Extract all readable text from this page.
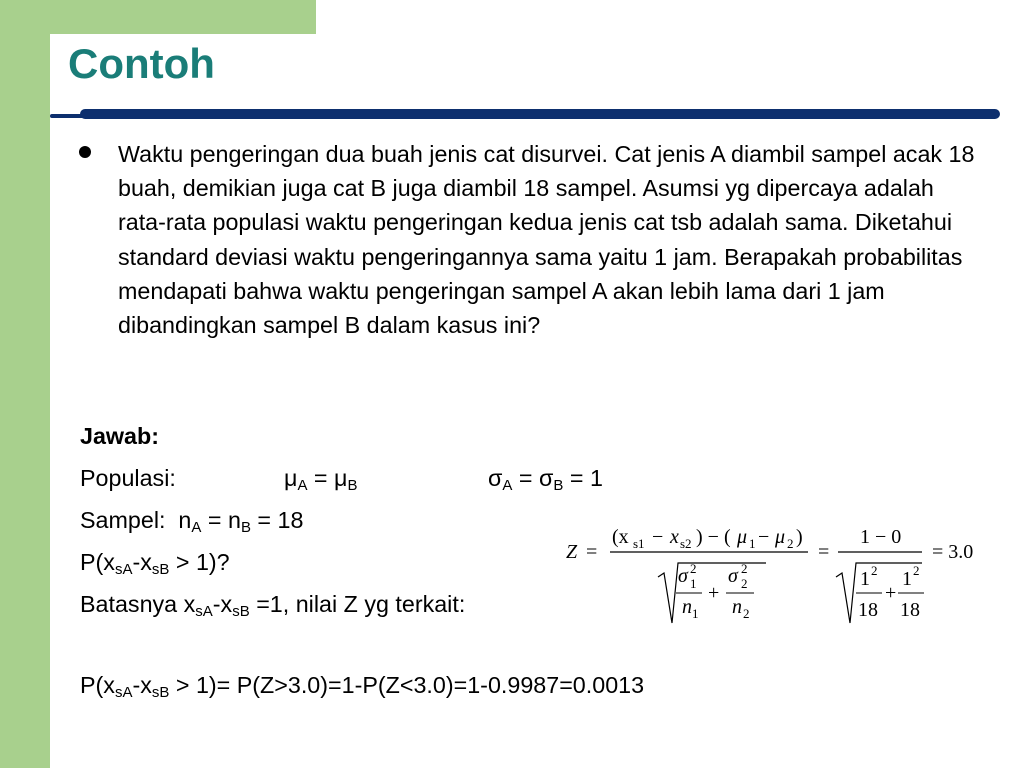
Contoh
Waktu pengeringan dua buah jenis cat disurvei. Cat jenis A diambil sampel acak 18 buah, demikian juga cat B juga diambil 18 sampel. Asumsi yg dipercaya adalah rata-rata populasi waktu pengeringan kedua jenis cat tsb adalah sama. Diketahui standard deviasi waktu pengeringannya sama yaitu 1 jam. Berapakah probabilitas mendapati bahwa waktu pengeringan sampel A akan lebih lama dari 1 jam dibandingkan sampel B dalam kasus ini?
Jawab:
Populasi:	$\mu_A = \mu_B$	$\sigma_A = \sigma_B = 1$
Sampel: $n_A = n_B = 18$
$P(x_{sA}-x_{sB} > 1)$?
Batasnya $x_{sA}-x_{sB} =1$, nilai Z yg terkait:
$P(x_{sA}-x_{sB} > 1)= P(Z>3.0)=1-P(Z<3.0)=1-0.9987=0.0013$
Z =
(x s1 − x s2 ) − ( μ 1 − μ 2 )
σ 2
1
n 1
+
σ 2
2
n 2
=
1 − 0
1 2
18
+
1 2
18
= 3.0
